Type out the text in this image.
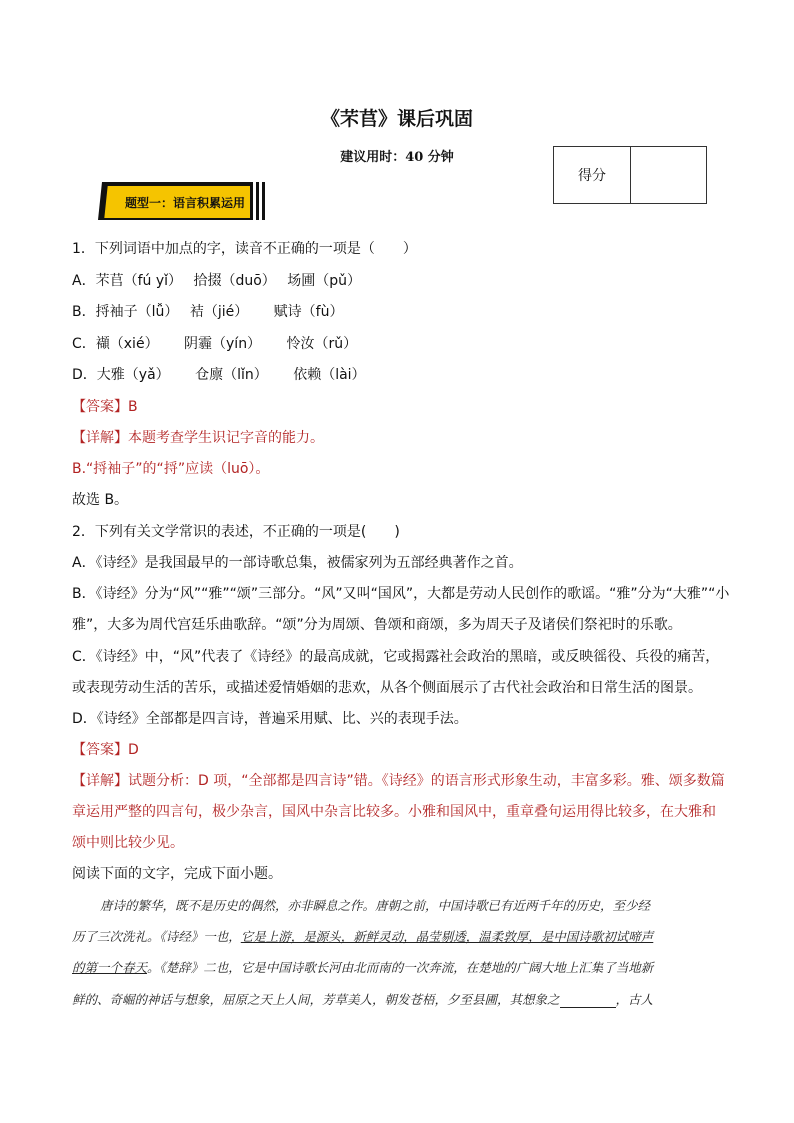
《芣苢》课后巩固
建议用时：40 分钟
得分
题型一：语言积累运用
1．下列词语中加点的字，读音不正确的一项是（　　）
A．芣苢（fú yǐ）　 拾掇（duō）　 场圃（pǔ）
B．捋袖子（lǚ）　 袺（jié）　　 赋诗（fù）
C．襭（xié）　　 阴霾（yín）　　 怜汝（rǔ）
D．大雅（yǎ）　　 仓廪（lǐn）　　 依赖（lài）
【答案】B
【详解】本题考查学生识记字音的能力。
B.“捋袖子”的“捋”应读（luō）。
故选 B。
2．下列有关文学常识的表述，不正确的一项是(　　)
A．《诗经》是我国最早的一部诗歌总集，被儒家列为五部经典著作之首。
B．《诗经》分为“风”“雅”“颂”三部分。“风”又叫“国风”，大都是劳动人民创作的歌谣。“雅”分为“大雅”“小
雅”，大多为周代宫廷乐曲歌辞。“颂”分为周颂、鲁颂和商颂，多为周天子及诸侯们祭祀时的乐歌。
C．《诗经》中，“风”代表了《诗经》的最高成就，它或揭露社会政治的黑暗，或反映徭役、兵役的痛苦，
或表现劳动生活的苦乐，或描述爱情婚姻的悲欢，从各个侧面展示了古代社会政治和日常生活的图景。
D．《诗经》全部都是四言诗，普遍采用赋、比、兴的表现手法。
【答案】D
【详解】试题分析：D 项，“全部都是四言诗”错。《诗经》的语言形式形象生动，丰富多彩。雅、颂多数篇
章运用严整的四言句，极少杂言，国风中杂言比较多。小雅和国风中，重章叠句运用得比较多，在大雅和
颂中则比较少见。
阅读下面的文字，完成下面小题。
唐诗的繁华，既不是历史的偶然，亦非瞬息之作。唐朝之前，中国诗歌已有近两千年的历史，至少经
历了三次洗礼。《诗经》一也，它是上游，是源头，新鲜灵动，晶莹剔透，温柔敦厚，是中国诗歌初试啼声
的第一个春天。《楚辞》二也，它是中国诗歌长河由北而南的一次奔流，在楚地的广阔大地上汇集了当地新
鲜的、奇崛的神话与想象，屈原之天上人间，芳草美人，朝发苍梧，夕至县圃，其想象之	，古人
